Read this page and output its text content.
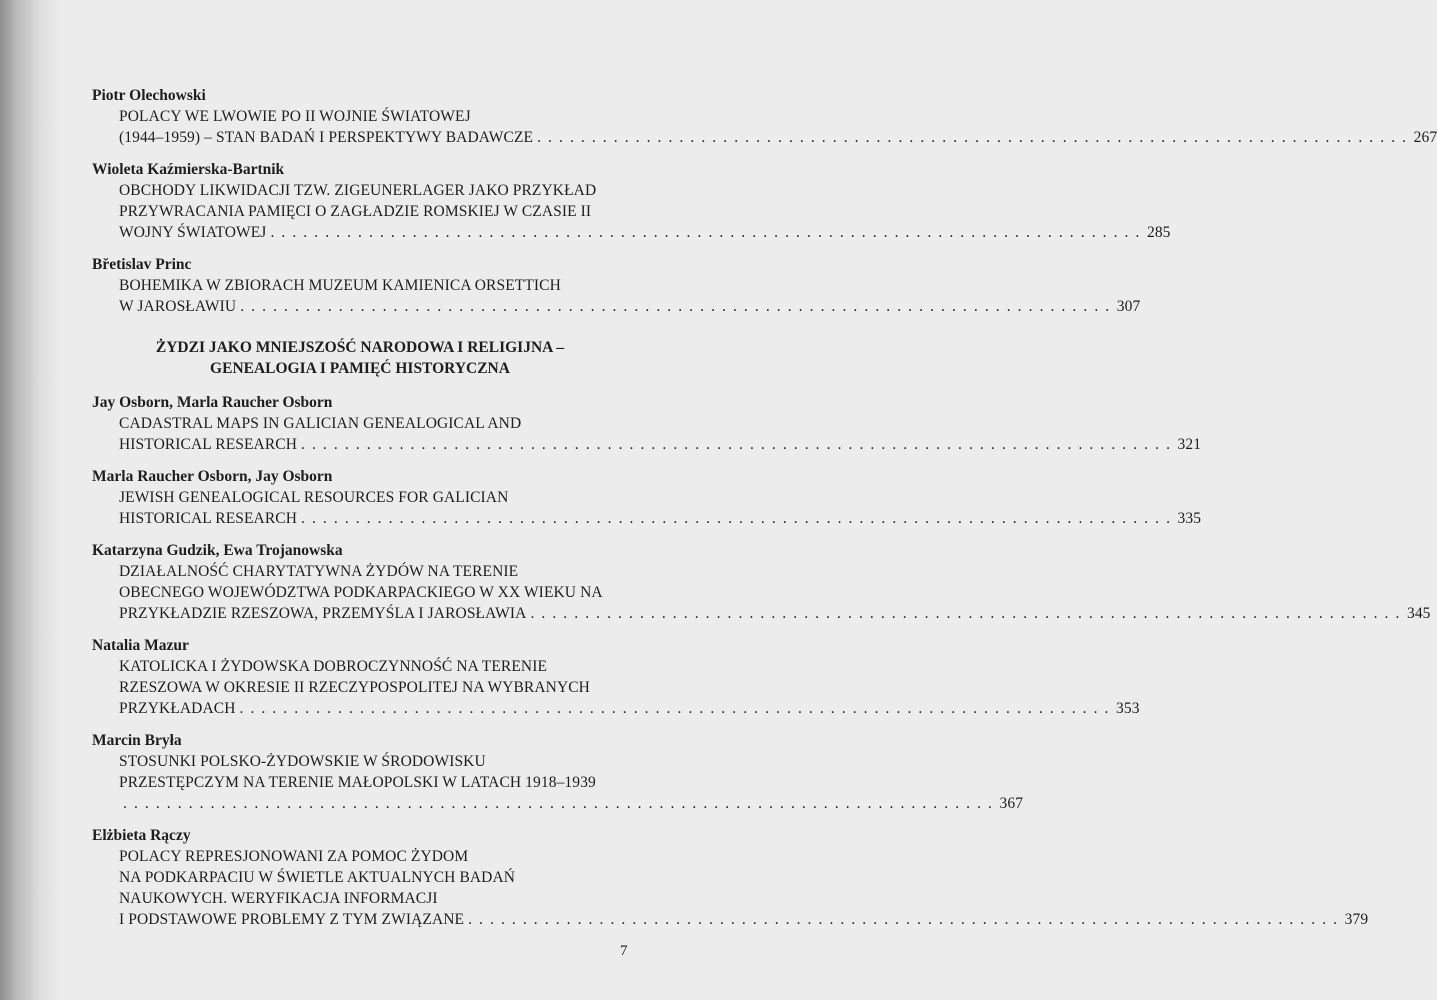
Piotr Olechowski
POLACY WE LWOWIE PO II WOJNIE ŚWIATOWEJ
(1944–1959) – STAN BADAŃ I PERSPEKTYWY BADAWCZE . . . . . . . . . . . . . . . . . . . . . . . . . . . . . . . . . . . . . . . . . . . . . . . . . . . . . . . . . . . . . . . . . . . . . . . . . . . . . . . . 267
Wioleta Kaźmierska-Bartnik
OBCHODY LIKWIDACJI TZW. ZIGEUNERLAGER JAKO PRZYKŁAD
PRZYWRACANIA PAMIĘCI O ZAGŁADZIE ROMSKIEJ W CZASIE II
WOJNY ŚWIATOWEJ . . . . . . . . . . . . . . . . . . . . . . . . . . . . . . . . . . . . . . . . . . . . . . . . . . . . . . . . . . . . . . . . . . . . . . . . . . . . . . . . 285
Břetislav Princ
BOHEMIKA W ZBIORACH MUZEUM KAMIENICA ORSETTICH
W JAROSŁAWIU . . . . . . . . . . . . . . . . . . . . . . . . . . . . . . . . . . . . . . . . . . . . . . . . . . . . . . . . . . . . . . . . . . . . . . . . . . . . . . . . 307
ŻYDZI JAKO MNIEJSZOŚĆ NARODOWA I RELIGIJNA –
GENEALOGIA I PAMIĘĆ HISTORYCZNA
Jay Osborn, Marla Raucher Osborn
CADASTRAL MAPS IN GALICIAN GENEALOGICAL AND
HISTORICAL RESEARCH . . . . . . . . . . . . . . . . . . . . . . . . . . . . . . . . . . . . . . . . . . . . . . . . . . . . . . . . . . . . . . . . . . . . . . . . . . . . . . . . 321
Marla Raucher Osborn, Jay Osborn
JEWISH GENEALOGICAL RESOURCES FOR GALICIAN
HISTORICAL RESEARCH . . . . . . . . . . . . . . . . . . . . . . . . . . . . . . . . . . . . . . . . . . . . . . . . . . . . . . . . . . . . . . . . . . . . . . . . . . . . . . . . 335
Katarzyna Gudzik, Ewa Trojanowska
DZIAŁALNOŚĆ CHARYTATYWNA ŻYDÓW NA TERENIE
OBECNEGO WOJEWÓDZTWA PODKARPACKIEGO W XX WIEKU NA
PRZYKŁADZIE RZESZOWA, PRZEMYŚLA I JAROSŁAWIA . . . . . . . . . . . . . . . . . . . . . . . . . . . . . . . . . . . . . . . . . . . . . . . . . . . . . . . . . . . . . . . . . . . . . . . . . . . . . . . . 345
Natalia Mazur
KATOLICKA I ŻYDOWSKA DOBROCZYNNOŚĆ NA TERENIE
RZESZOWA W OKRESIE II RZECZYPOSPOLITEJ NA WYBRANYCH
PRZYKŁADACH . . . . . . . . . . . . . . . . . . . . . . . . . . . . . . . . . . . . . . . . . . . . . . . . . . . . . . . . . . . . . . . . . . . . . . . . . . . . . . . . 353
Marcin Bryła
STOSUNKI POLSKO-ŻYDOWSKIE W ŚRODOWISKU
PRZESTĘPCZYM NA TERENIE MAŁOPOLSKI W LATACH 1918–1939
. . . . . . . . . . . . . . . . . . . . . . . . . . . . . . . . . . . . . . . . . . . . . . . . . . . . . . . . . . . . . . . . . . . . . . . . . . . . . . . . 367
Elżbieta Rączy
POLACY REPRESJONOWANI ZA POMOC ŻYDOM
NA PODKARPACIU W ŚWIETLE AKTUALNYCH BADAŃ
NAUKOWYCH. WERYFIKACJA INFORMACJI
I PODSTAWOWE PROBLEMY Z TYM ZWIĄZANE . . . . . . . . . . . . . . . . . . . . . . . . . . . . . . . . . . . . . . . . . . . . . . . . . . . . . . . . . . . . . . . . . . . . . . . . . . . . . . . . 379
7
